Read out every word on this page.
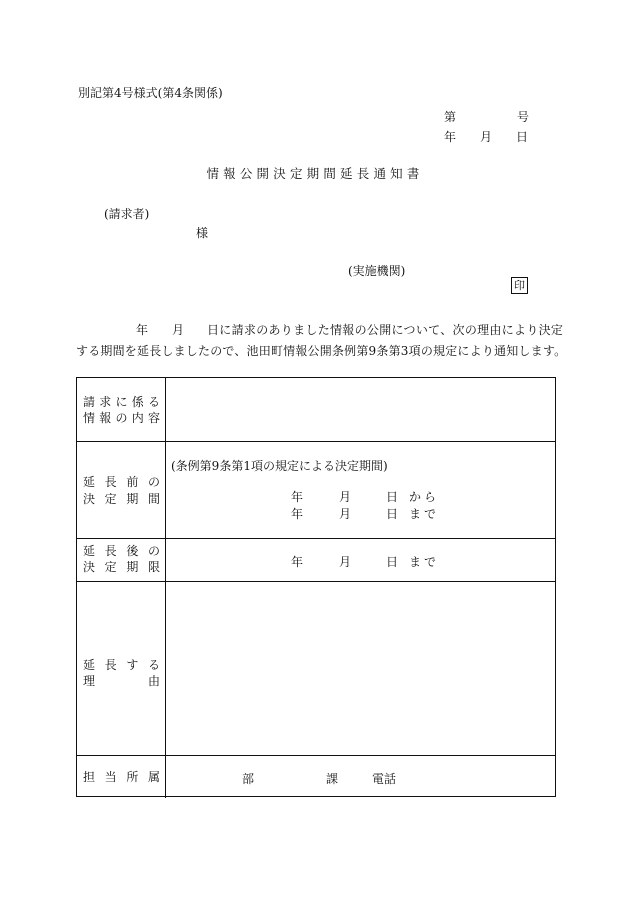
別記第4号様式(第4条関係)
第	号
年 月 日
情報公開決定期間延長通知書
(請求者)
様
(実施機関)
印
年 月 日に請求のありました情報の公開について、次の理由により決定
する期間を延長しましたので、池田町情報公開条例第9条第3項の規定により通知します。
請 求 に 係 る
情 報 の 内 容
延 長 前 の
決 定 期 間
(条例第9条第1項の規定による決定期間)
年	月	日 から
年	月	日 まで
延 長 後 の
決 定 期 限	年	月	日 まで
延 長 す る
理	由
担 当 所 属	部	課	電話
